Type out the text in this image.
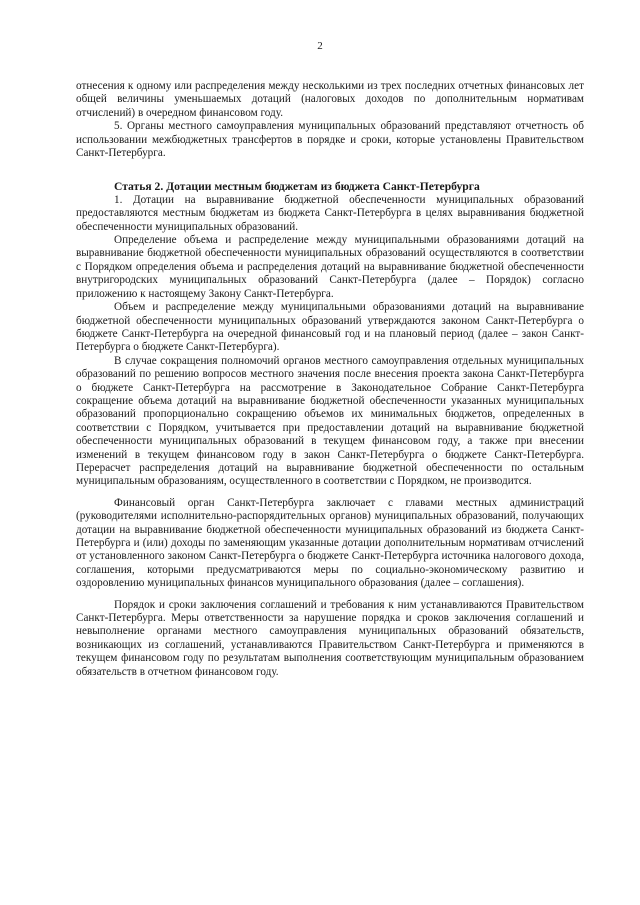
2

отнесения к одному или распределения между несколькими из трех последних отчетных финансовых лет общей величины уменьшаемых дотаций (налоговых доходов по дополнительным нормативам отчислений) в очередном финансовом году.

5. Органы местного самоуправления муниципальных образований представляют отчетность об использовании межбюджетных трансфертов в порядке и сроки, которые установлены Правительством Санкт-Петербурга.

Статья 2. Дотации местным бюджетам из бюджета Санкт-Петербурга

1. Дотации на выравнивание бюджетной обеспеченности муниципальных образований предоставляются местным бюджетам из бюджета Санкт-Петербурга в целях выравнивания бюджетной обеспеченности муниципальных образований.

Определение объема и распределение между муниципальными образованиями дотаций на выравнивание бюджетной обеспеченности муниципальных образований осуществляются в соответствии с Порядком определения объема и распределения дотаций на выравнивание бюджетной обеспеченности внутригородских муниципальных образований Санкт-Петербурга (далее – Порядок) согласно приложению к настоящему Закону Санкт-Петербурга.

Объем и распределение между муниципальными образованиями дотаций на выравнивание бюджетной обеспеченности муниципальных образований утверждаются законом Санкт-Петербурга о бюджете Санкт-Петербурга на очередной финансовый год и на плановый период (далее – закон Санкт-Петербурга о бюджете Санкт-Петербурга).

В случае сокращения полномочий органов местного самоуправления отдельных муниципальных образований по решению вопросов местного значения после внесения проекта закона Санкт-Петербурга о бюджете Санкт-Петербурга на рассмотрение в Законодательное Собрание Санкт-Петербурга сокращение объема дотаций на выравнивание бюджетной обеспеченности указанных муниципальных образований пропорционально сокращению объемов их минимальных бюджетов, определенных в соответствии с Порядком, учитывается при предоставлении дотаций на выравнивание бюджетной обеспеченности муниципальных образований в текущем финансовом году, а также при внесении изменений в текущем финансовом году в закон Санкт-Петербурга о бюджете Санкт-Петербурга. Перерасчет распределения дотаций на выравнивание бюджетной обеспеченности по остальным муниципальным образованиям, осуществленного в соответствии с Порядком, не производится.

Финансовый орган Санкт-Петербурга заключает с главами местных администраций (руководителями исполнительно-распорядительных органов) муниципальных образований, получающих дотации на выравнивание бюджетной обеспеченности муниципальных образований из бюджета Санкт-Петербурга и (или) доходы по заменяющим указанные дотации дополнительным нормативам отчислений от установленного законом Санкт-Петербурга о бюджете Санкт-Петербурга источника налогового дохода, соглашения, которыми предусматриваются меры по социально-экономическому развитию и оздоровлению муниципальных финансов муниципального образования (далее – соглашения).

Порядок и сроки заключения соглашений и требования к ним устанавливаются Правительством Санкт-Петербурга. Меры ответственности за нарушение порядка и сроков заключения соглашений и невыполнение органами местного самоуправления муниципальных образований обязательств, возникающих из соглашений, устанавливаются Правительством Санкт-Петербурга и применяются в текущем финансовом году по результатам выполнения соответствующим муниципальным образованием обязательств в отчетном финансовом году.
